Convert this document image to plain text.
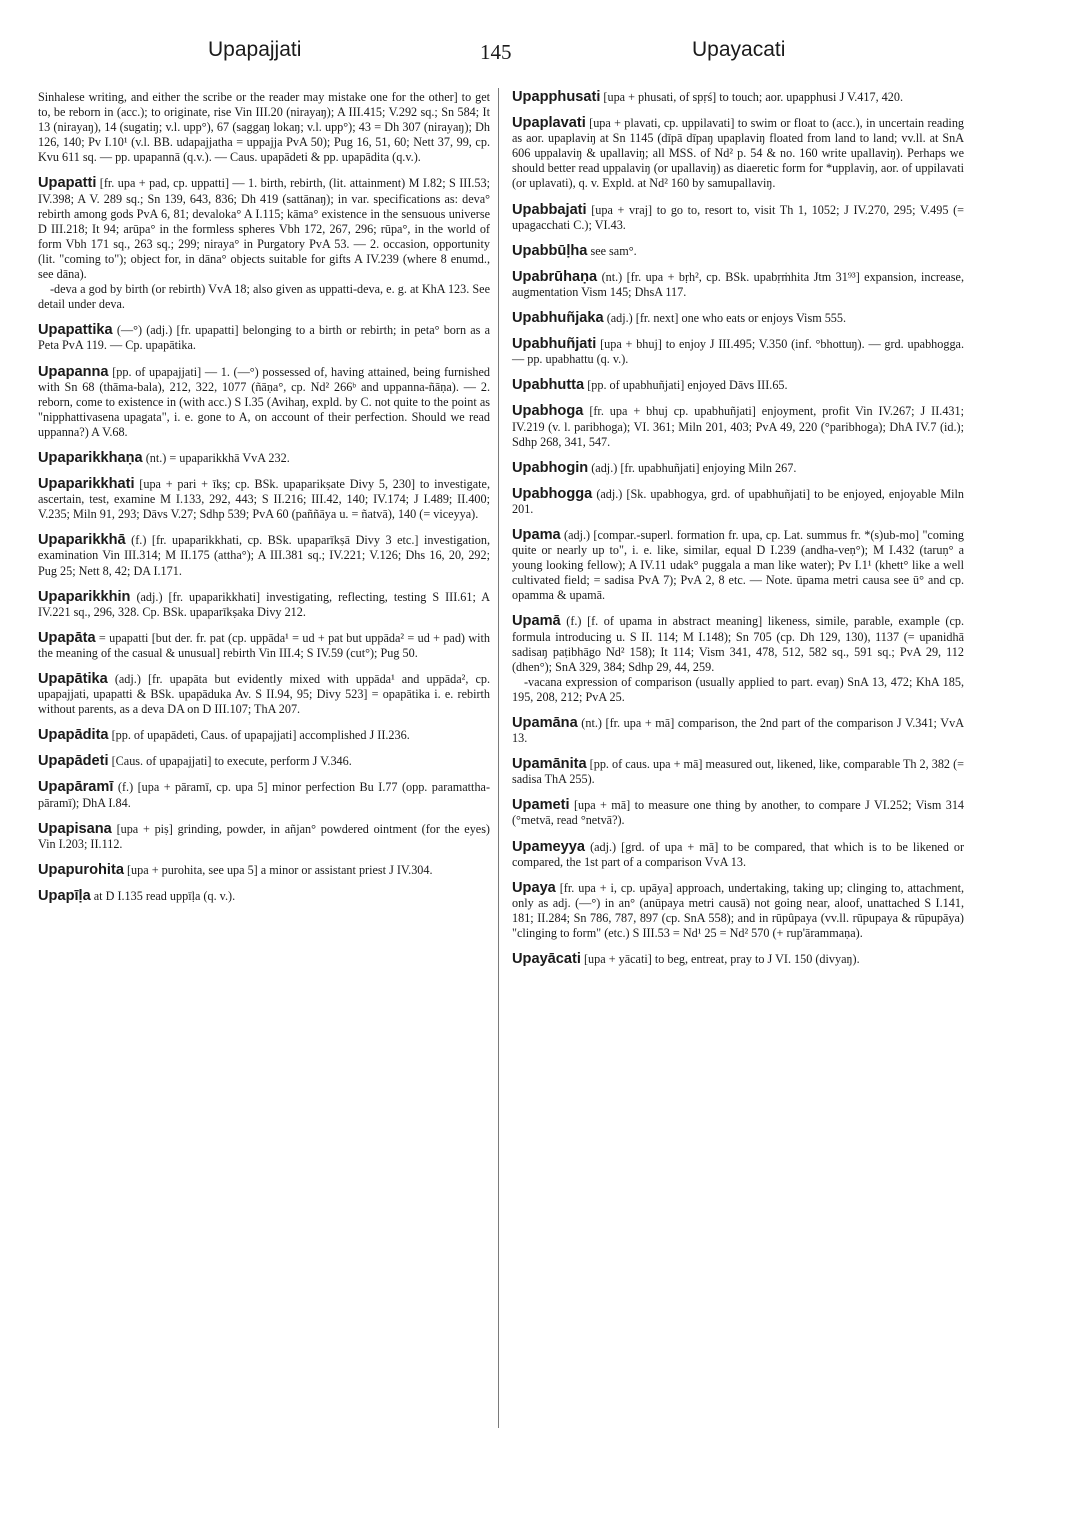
Upapajjati	145	Upayacati
Sinhalese writing, and either the scribe or the reader may mistake one for the other] to get to, be reborn in (acc.); to originate, rise Vin III.20 (nirayaŋ); A III.415; V.292 sq.; Sn 584; It 13 (nirayaŋ), 14 (sugatiŋ; v.l. upp°), 67 (saggaŋ lokaŋ; v.l. upp°); 43 = Dh 307 (nirayaŋ); Dh 126, 140; Pv I.10¹ (v.l. BB. udapajjatha = uppajja PvA 50); Pug 16, 51, 60; Nett 37, 99, cp. Kvu 611 sq. — pp. upapannā (q.v.). — Caus. upapādeti & pp. upapādita (q.v.).
Upapatti [fr. upa + pad, cp. uppatti] — 1. birth, rebirth, (lit. attainment) M I.82; S III.53; IV.398; A V. 289 sq.; Sn 139, 643, 836; Dh 419 (sattānaŋ); in var. specifications as: deva° rebirth among gods PvA 6, 81; devaloka° A I.115; kāma° existence in the sensuous universe D III.218; It 94; arūpa° in the formless spheres Vbh 172, 267, 296; rūpa°, in the world of form Vbh 171 sq., 263 sq.; 299; niraya° in Purgatory PvA 53. — 2. occasion, opportunity (lit. "coming to"); object for, in dāna° objects suitable for gifts A IV.239 (where 8 enumd., see dāna).
-deva a god by birth (or rebirth) VvA 18; also given as uppatti-deva, e. g. at KhA 123. See detail under deva.
Upapattika (—°) (adj.) [fr. upapatti] belonging to a birth or rebirth; in peta° born as a Peta PvA 119. — Cp. upapātika.
Upapanna [pp. of upapajjati] — 1. (—°) possessed of, having attained, being furnished with Sn 68 (thāma-bala), 212, 322, 1077 (ñāṇa°, cp. Nd² 266ᵇ and uppanna-ñāṇa). — 2. reborn, come to existence in (with acc.) S I.35 (Avihaŋ, expld. by C. not quite to the point as "nipphattivasena upagata", i. e. gone to A, on account of their perfection. Should we read uppanna?) A V.68.
Upaparikkhaṇa (nt.) = upaparikkhā VvA 232.
Upaparikkhati [upa + pari + īkṣ; cp. BSk. upaparikṣate Divy 5, 230] to investigate, ascertain, test, examine M I.133, 292, 443; S II.216; III.42, 140; IV.174; J I.489; II.400; V.235; Miln 91, 293; Dāvs V.27; Sdhp 539; PvA 60 (paññāya u. = ñatvā), 140 (= viceyya).
Upaparikkhā (f.) [fr. upaparikkhati, cp. BSk. upaparīkṣā Divy 3 etc.] investigation, examination Vin III.314; M II.175 (attha°); A III.381 sq.; IV.221; V.126; Dhs 16, 20, 292; Pug 25; Nett 8, 42; DA I.171.
Upaparikkhin (adj.) [fr. upaparikkhati] investigating, reflecting, testing S III.61; A IV.221 sq., 296, 328. Cp. BSk. upaparīkṣaka Divy 212.
Upapāta = upapatti [but der. fr. pat (cp. uppāda¹ = ud + pat but uppāda² = ud + pad) with the meaning of the casual & unusual] rebirth Vin III.4; S IV.59 (cut°); Pug 50.
Upapātika (adj.) [fr. upapāta but evidently mixed with uppāda¹ and uppāda², cp. upapajjati, upapatti & BSk. upapāduka Av. S II.94, 95; Divy 523] = opapātika i. e. rebirth without parents, as a deva DA on D III.107; ThA 207.
Upapādita [pp. of upapādeti, Caus. of upapajjati] accomplished J II.236.
Upapādeti [Caus. of upapajjati] to execute, perform J V.346.
Upapāramī (f.) [upa + pāramī, cp. upa 5] minor perfection Bu I.77 (opp. paramattha-pāramī); DhA I.84.
Upapisana [upa + piṣ] grinding, powder, in añjan° powdered ointment (for the eyes) Vin I.203; II.112.
Upapurohita [upa + purohita, see upa 5] a minor or assistant priest J IV.304.
Upapīḷa at D I.135 read uppīḷa (q. v.).
Upapphusati [upa + phusati, of spṛś] to touch; aor. upapphusi J V.417, 420.
Upaplavati [upa + plavati, cp. uppilavati] to swim or float to (acc.), in uncertain reading as aor. upaplaviŋ at Sn 1145 (dīpā dīpaŋ upaplaviŋ floated from land to land; vv.ll. at SnA 606 uppalaviŋ & upallaviŋ; all MSS. of Nd² p. 54 & no. 160 write upallaviŋ). Perhaps we should better read uppalaviŋ (or upallaviŋ) as diaeretic form for *upplaviŋ, aor. of uppilavati (or uplavati), q. v. Expld. at Nd² 160 by samupallaviŋ.
Upabbajati [upa + vraj] to go to, resort to, visit Th 1, 1052; J IV.270, 295; V.495 (= upagacchati C.); VI.43.
Upabbūḷha see sam°.
Upabrūhaṇa (nt.) [fr. upa + bṛh², cp. BSk. upabṛṁhita Jtm 31⁹³] expansion, increase, augmentation Vism 145; DhsA 117.
Upabhuñjaka (adj.) [fr. next] one who eats or enjoys Vism 555.
Upabhuñjati [upa + bhuj] to enjoy J III.495; V.350 (inf. °bhottuŋ). — grd. upabhogga. — pp. upabhattu (q. v.).
Upabhutta [pp. of upabhuñjati] enjoyed Dāvs III.65.
Upabhoga [fr. upa + bhuj cp. upabhuñjati] enjoyment, profit Vin IV.267; J II.431; IV.219 (v. l. paribhoga); VI. 361; Miln 201, 403; PvA 49, 220 (°paribhoga); DhA IV.7 (id.); Sdhp 268, 341, 547.
Upabhogin (adj.) [fr. upabhuñjati] enjoying Miln 267.
Upabhogga (adj.) [Sk. upabhogya, grd. of upabhuñjati] to be enjoyed, enjoyable Miln 201.
Upama (adj.) [compar.-superl. formation fr. upa, cp. Lat. summus fr. *(s)ub-mo] "coming quite or nearly up to", i. e. like, similar, equal D I.239 (andha-veṇ°); M I.432 (taruṇ° a young looking fellow); A IV.11 udak° puggala a man like water); Pv I.1¹ (khett° like a well cultivated field; = sadisa PvA 7); PvA 2, 8 etc. — Note. ūpama metri causa see ū° and cp. opamma & upamā.
Upamā (f.) [f. of upama in abstract meaning] likeness, simile, parable, example (cp. formula introducing u. S II. 114; M I.148); Sn 705 (cp. Dh 129, 130), 1137 (= upanidhā sadisaŋ paṭibhāgo Nd² 158); It 114; Vism 341, 478, 512, 582 sq., 591 sq.; PvA 29, 112 (dhen°); SnA 329, 384; Sdhp 29, 44, 259.
-vacana expression of comparison (usually applied to part. evaŋ) SnA 13, 472; KhA 185, 195, 208, 212; PvA 25.
Upamāna (nt.) [fr. upa + mā] comparison, the 2nd part of the comparison J V.341; VvA 13.
Upamānita [pp. of caus. upa + mā] measured out, likened, like, comparable Th 2, 382 (= sadisa ThA 255).
Upameti [upa + mā] to measure one thing by another, to compare J VI.252; Vism 314 (°metvā, read °netvā?).
Upameyya (adj.) [grd. of upa + mā] to be compared, that which is to be likened or compared, the 1st part of a comparison VvA 13.
Upaya [fr. upa + i, cp. upāya] approach, undertaking, taking up; clinging to, attachment, only as adj. (—°) in an° (anūpaya metri causā) not going near, aloof, unattached S I.141, 181; II.284; Sn 786, 787, 897 (cp. SnA 558); and in rūpûpaya (vv.ll. rūpupaya & rūpupāya) "clinging to form" (etc.) S III.53 = Nd¹ 25 = Nd² 570 (+ rup'ārammaṇa).
Upayācati [upa + yācati] to beg, entreat, pray to J VI. 150 (divyaŋ).
